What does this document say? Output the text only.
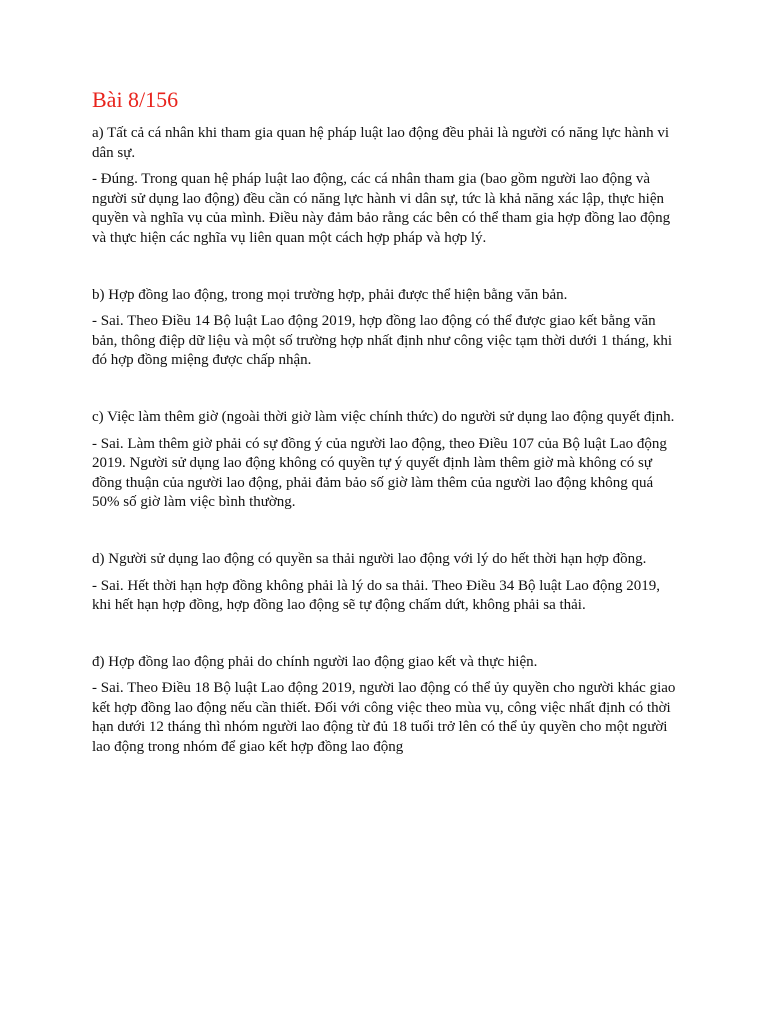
Bài 8/156

a) Tất cả cá nhân khi tham gia quan hệ pháp luật lao động đều phải là người có năng lực hành vi dân sự.

- Đúng. Trong quan hệ pháp luật lao động, các cá nhân tham gia (bao gồm người lao động và người sử dụng lao động) đều cần có năng lực hành vi dân sự, tức là khả năng xác lập, thực hiện quyền và nghĩa vụ của mình. Điều này đảm bảo rằng các bên có thể tham gia hợp đồng lao động và thực hiện các nghĩa vụ liên quan một cách hợp pháp và hợp lý.

b) Hợp đồng lao động, trong mọi trường hợp, phải được thể hiện bằng văn bản.

- Sai. Theo Điều 14 Bộ luật Lao động 2019, hợp đồng lao động có thể được giao kết bằng văn bản, thông điệp dữ liệu và một số trường hợp nhất định như công việc tạm thời dưới 1 tháng, khi đó hợp đồng miệng được chấp nhận.

c) Việc làm thêm giờ (ngoài thời giờ làm việc chính thức) do người sử dụng lao động quyết định.

- Sai. Làm thêm giờ phải có sự đồng ý của người lao động, theo Điều 107 của Bộ luật Lao động 2019. Người sử dụng lao động không có quyền tự ý quyết định làm thêm giờ mà không có sự đồng thuận của người lao động, phải đảm bảo số giờ làm thêm của người lao động không quá 50% số giờ làm việc bình thường.

d) Người sử dụng lao động có quyền sa thải người lao động với lý do hết thời hạn hợp đồng.

- Sai. Hết thời hạn hợp đồng không phải là lý do sa thải. Theo Điều 34 Bộ luật Lao động 2019, khi hết hạn hợp đồng, hợp đồng lao động sẽ tự động chấm dứt, không phải sa thải.

đ) Hợp đồng lao động phải do chính người lao động giao kết và thực hiện.

- Sai. Theo Điều 18 Bộ luật Lao động 2019, người lao động có thể ủy quyền cho người khác giao kết hợp đồng lao động nếu cần thiết. Đối với công việc theo mùa vụ, công việc nhất định có thời hạn dưới 12 tháng thì nhóm người lao động từ đủ 18 tuổi trở lên có thể ủy quyền cho một người lao động trong nhóm để giao kết hợp đồng lao động
